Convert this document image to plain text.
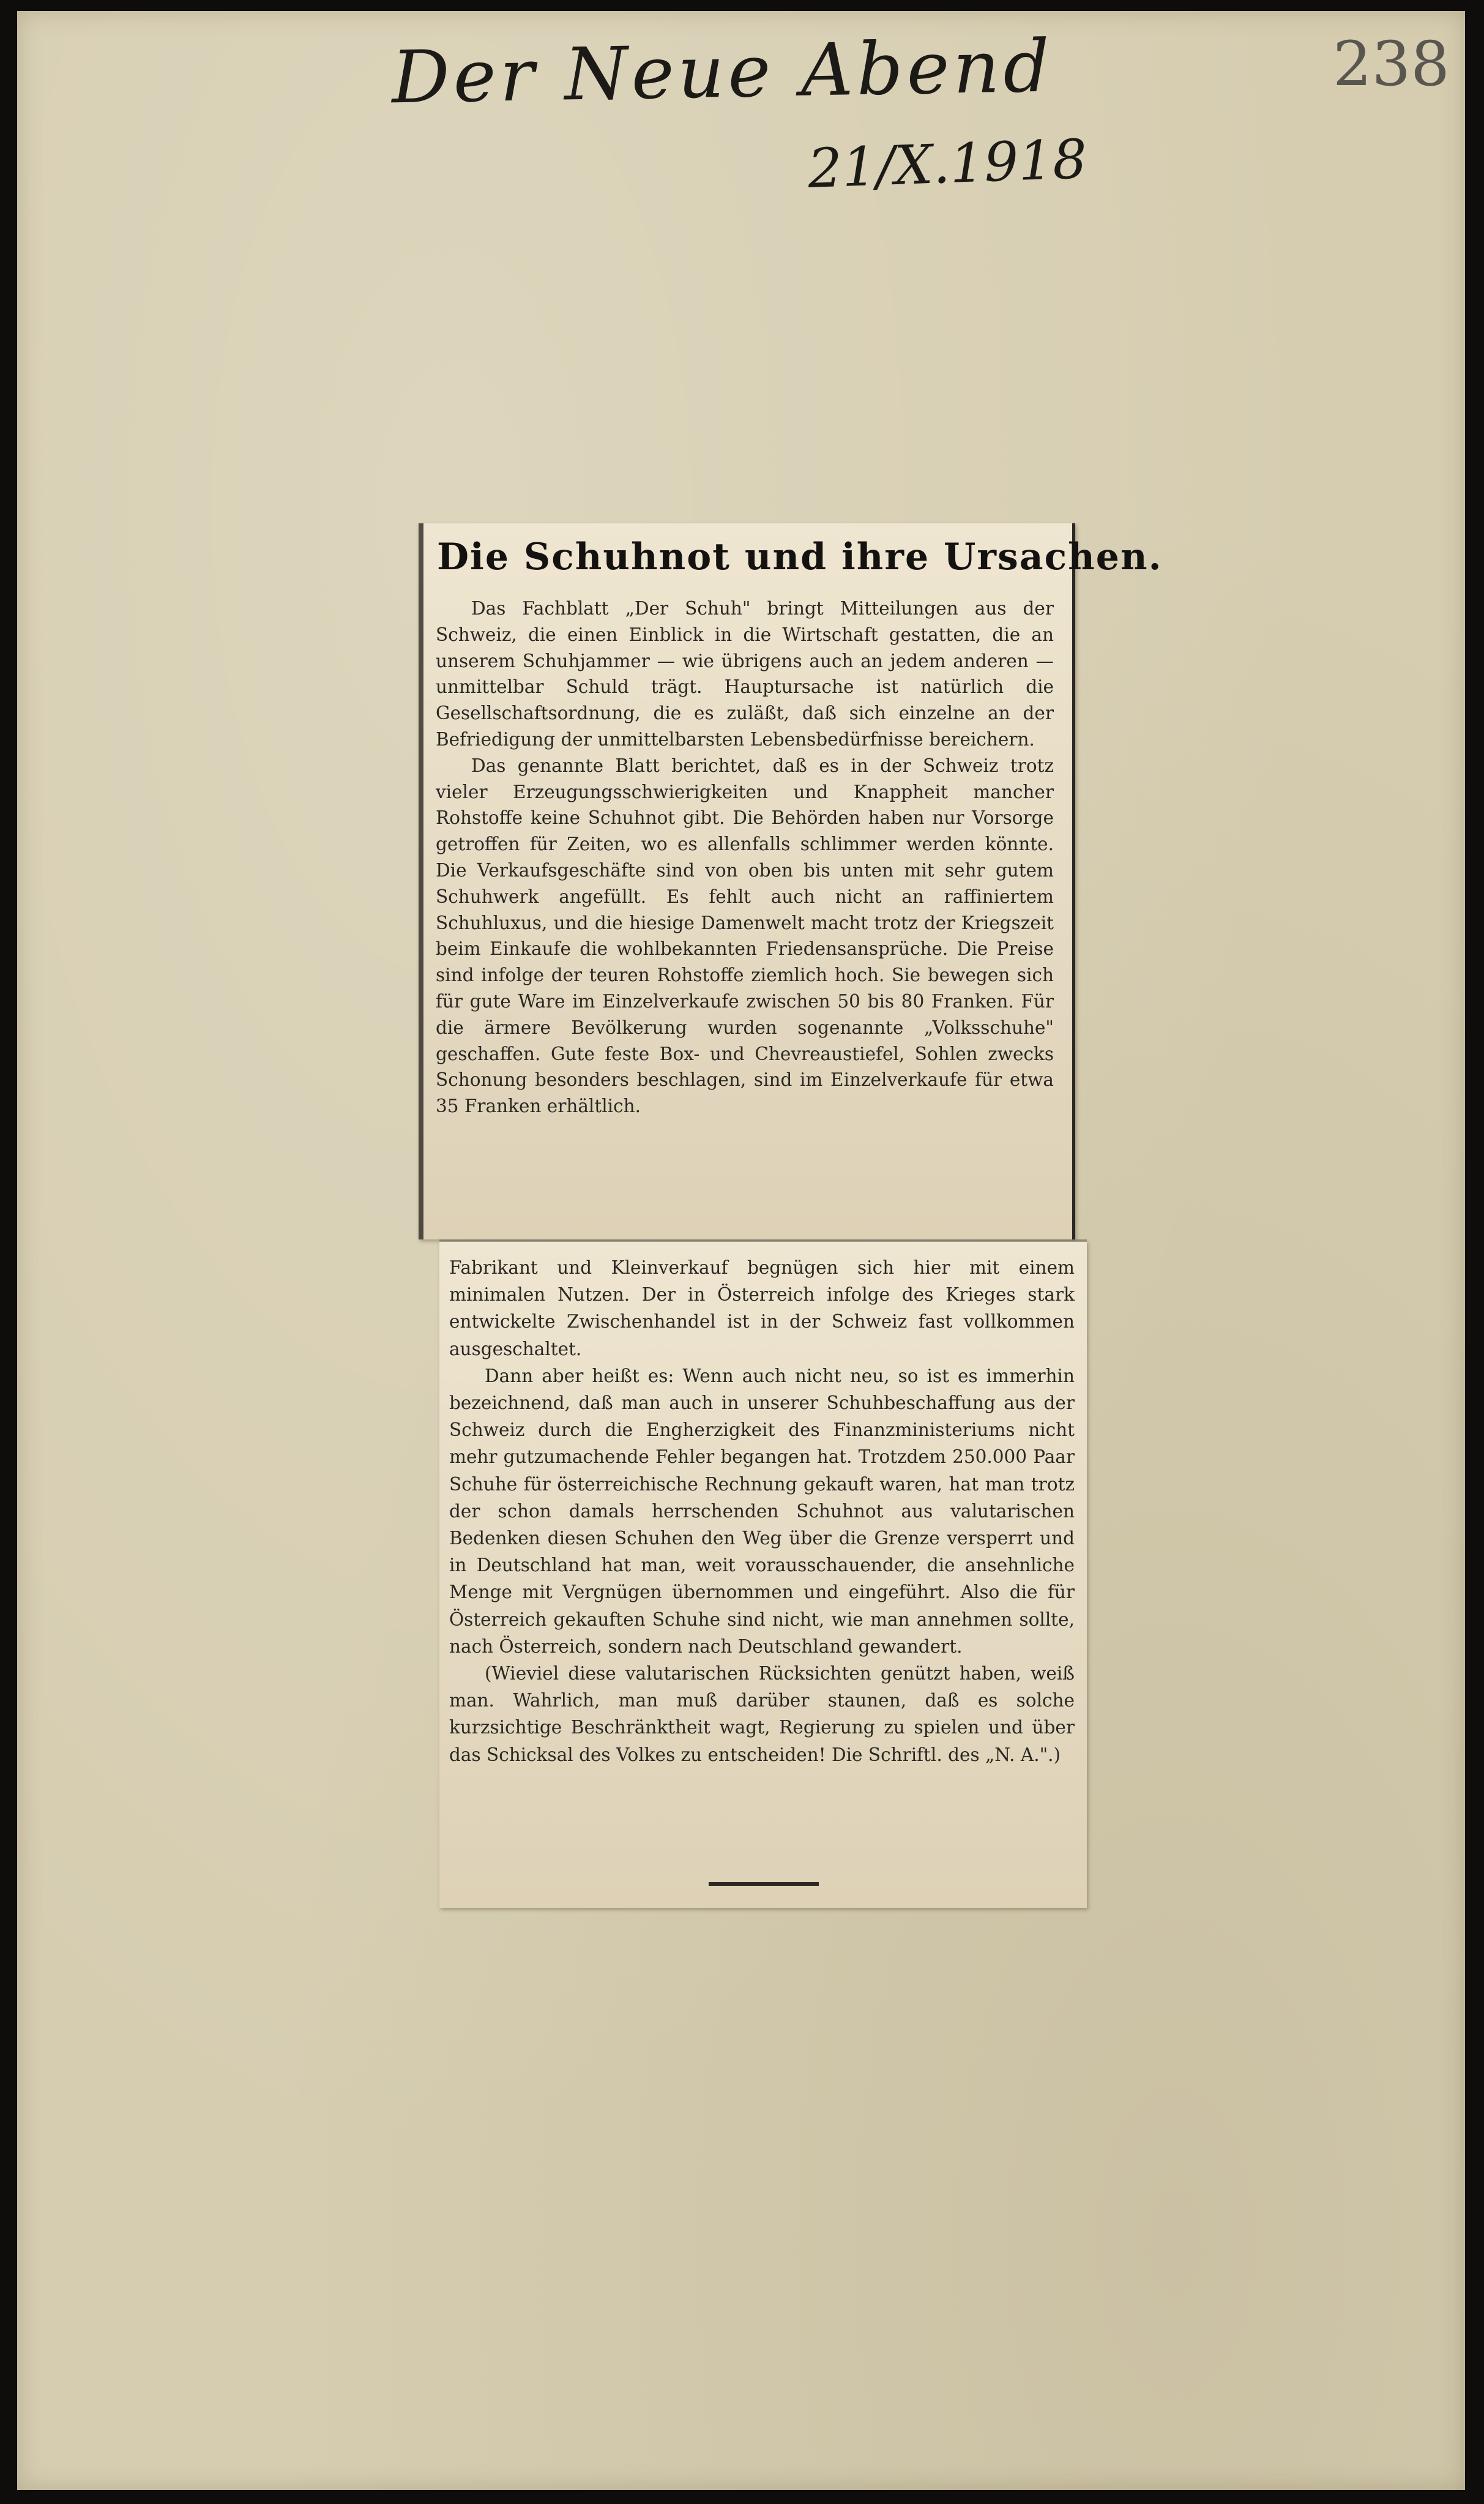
Der Neue Abend
21/X.1918
238
Die Schuhnot und ihre Ursachen.

Das Fachblatt „Der Schuh" bringt Mitteilungen aus der Schweiz, die einen Einblick in die Wirtschaft gestatten, die an unserem Schuhjammer — wie übrigens auch an jedem anderen — unmittelbar Schuld trägt. Hauptursache ist natürlich die Gesellschaftsordnung, die es zuläßt, daß sich einzelne an der Befriedigung der unmittelbarsten Lebensbedürfnisse bereichern.

Das genannte Blatt berichtet, daß es in der Schweiz trotz vieler Erzeugungsschwierigkeiten und Knappheit mancher Rohstoffe keine Schuhnot gibt. Die Behörden haben nur Vorsorge getroffen für Zeiten, wo es allenfalls schlimmer werden könnte. Die Verkaufsgeschäfte sind von oben bis unten mit sehr gutem Schuhwerk angefüllt. Es fehlt auch nicht an raffiniertem Schuhluxus, und die hiesige Damenwelt macht trotz der Kriegszeit beim Einkaufe die wohlbekannten Friedensansprüche. Die Preise sind infolge der teuren Rohstoffe ziemlich hoch. Sie bewegen sich für gute Ware im Einzelverkaufe zwischen 50 bis 80 Franken. Für die ärmere Bevölkerung wurden sogenannte „Volksschuhe" geschaffen. Gute feste Box- und Chevreaustiefel, Sohlen zwecks Schonung besonders beschlagen, sind im Einzelverkaufe für etwa 35 Franken erhältlich.

Fabrikant und Kleinverkauf begnügen sich hier mit einem minimalen Nutzen. Der in Österreich infolge des Krieges stark entwickelte Zwischenhandel ist in der Schweiz fast vollkommen ausgeschaltet.

Dann aber heißt es: Wenn auch nicht neu, so ist es immerhin bezeichnend, daß man auch in unserer Schuhbeschaffung aus der Schweiz durch die Engherzigkeit des Finanzministeriums nicht mehr gutzumachende Fehler begangen hat. Trotzdem 250.000 Paar Schuhe für österreichische Rechnung gekauft waren, hat man trotz der schon damals herrschenden Schuhnot aus valutarischen Bedenken diesen Schuhen den Weg über die Grenze versperrt und in Deutschland hat man, weit vorausschauender, die ansehnliche Menge mit Vergnügen übernommen und eingeführt. Also die für Österreich gekauften Schuhe sind nicht, wie man annehmen sollte, nach Österreich, sondern nach Deutschland gewandert.

(Wieviel diese valutarischen Rücksichten genützt haben, weiß man. Wahrlich, man muß darüber staunen, daß es solche kurzsichtige Beschränktheit wagt, Regierung zu spielen und über das Schicksal des Volkes zu entscheiden! Die Schriftl. des „N. A.".)
